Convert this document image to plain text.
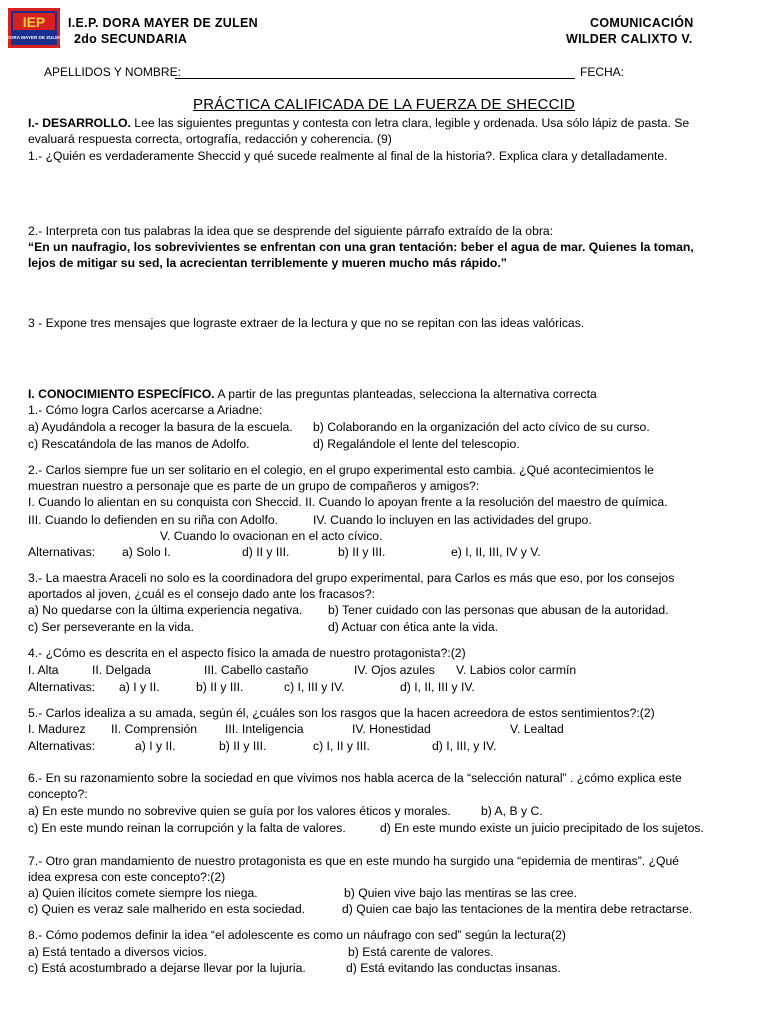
IEP
DORA MAYER DE ZULEN
I.E.P. DORA MAYER DE ZULEN
2do SECUNDARIA
COMUNICACIÓN
WILDER CALIXTO V.
APELLIDOS Y NOMBRE:	FECHA:
PRÁCTICA CALIFICADA DE LA FUERZA DE SHECCID
I.- DESARROLLO. Lee las siguientes preguntas y contesta con letra clara, legible y ordenada. Usa sólo lápiz de pasta. Se
evaluará respuesta correcta, ortografía, redacción y coherencia. (9)
1.- ¿Quién es verdaderamente Sheccid y qué sucede realmente al final de la historia?. Explica clara y detalladamente.
2.- Interpreta con tus palabras la idea que se desprende del siguiente párrafo extraído de la obra:
“En un naufragio, los sobrevivientes se enfrentan con una gran tentación: beber el agua de mar. Quienes la toman,
lejos de mitigar su sed, la acrecientan terriblemente y mueren mucho más rápido.”
3 - Expone tres mensajes que lograste extraer de la lectura y que no se repitan con las ideas valóricas.
I. CONOCIMIENTO ESPECÍFICO. A partir de las preguntas planteadas, selecciona la alternativa correcta
1.- Cómo logra Carlos acercarse a Ariadne:
a) Ayudándola a recoger la basura de la escuela. b) Colaborando en la organización del acto cívico de su curso.
c) Rescatándola de las manos de Adolfo.	d) Regalándole el lente del telescopio.
2.- Carlos siempre fue un ser solitario en el colegio, en el grupo experimental esto cambia. ¿Qué acontecimientos le
muestran nuestro a personaje que es parte de un grupo de compañeros y amigos?:
I. Cuando lo alientan en su conquista con Sheccid. II. Cuando lo apoyan frente a la resolución del maestro de química.
III. Cuando lo defienden en su riña con Adolfo.	IV. Cuando lo incluyen en las actividades del grupo.
V. Cuando lo ovacionan en el acto cívico.
Alternativas: a) Solo I.	d) II y III.	b) II y III.	e) I, II, III, IV y V.
3.- La maestra Araceli no solo es la coordinadora del grupo experimental, para Carlos es más que eso, por los consejos
aportados al joven, ¿cuál es el consejo dado ante los fracasos?:
a) No quedarse con la última experiencia negativa. b) Tener cuidado con las personas que abusan de la autoridad.
c) Ser perseverante en la vida.	d) Actuar con ética ante la vida.
4.- ¿Cómo es descrita en el aspecto físico la amada de nuestro protagonista?:(2)
I. Alta	II. Delgada	III. Cabello castaño	IV. Ojos azules V. Labios color carmín
Alternativas: a) I y II.	b) II y III.	c) I, III y IV.	d) I, II, III y IV.
5.- Carlos idealiza a su amada, según él, ¿cuáles son los rasgos que la hacen acreedora de estos sentimientos?:(2)
I. Madurez II. Comprensión III. Inteligencia	IV. Honestidad	V. Lealtad
Alternativas:	a) I y II.	b) II y III.	c) I, II y III.	d) I, III, y IV.
6.- En su razonamiento sobre la sociedad en que vivimos nos habla acerca de la “selección natural” . ¿cómo explica este
concepto?:
a) En este mundo no sobrevive quien se guía por los valores éticos y morales. b) A, B y C.
c) En este mundo reinan la corrupción y la falta de valores.	d) En este mundo existe un juicio precipitado de los sujetos.
7.- Otro gran mandamiento de nuestro protagonista es que en este mundo ha surgido una “epidemia de mentiras”. ¿Qué
idea expresa con este concepto?:(2)
a) Quien ilícitos comete siempre los niega.	b) Quien vive bajo las mentiras se las cree.
c) Quien es veraz sale malherido en esta sociedad.	d) Quien cae bajo las tentaciones de la mentira debe retractarse.
8.- Cómo podemos definir la idea “el adolescente es como un náufrago con sed” según la lectura(2)
a) Está tentado a diversos vicios.	b) Está carente de valores.
c) Está acostumbrado a dejarse llevar por la lujuria.	d) Está evitando las conductas insanas.
